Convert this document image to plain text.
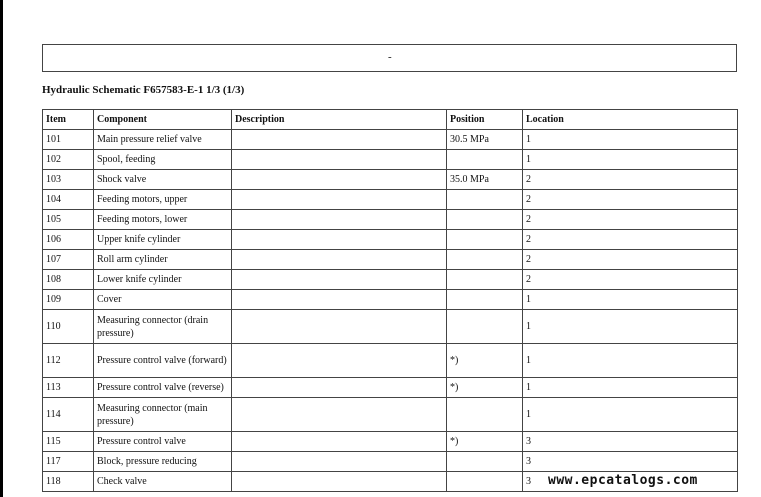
-
Hydraulic Schematic F657583-E-1 1/3 (1/3)
Item	Component	Description	Position	Location
101	Main pressure relief valve		30.5 MPa	1
102	Spool, feeding			1
103	Shock valve		35.0 MPa	2
104	Feeding motors, upper			2
105	Feeding motors, lower			2
106	Upper knife cylinder			2
107	Roll arm cylinder			2
108	Lower knife cylinder			2
109	Cover			1
110	Measuring connector (drain pressure)			1
112	Pressure control valve (forward)		*)	1
113	Pressure control valve (reverse)		*)	1
114	Measuring connector (main pressure)			1
115	Pressure control valve		*)	3
117	Block, pressure reducing			3
118	Check valve			3 www.epcatalogs.com
